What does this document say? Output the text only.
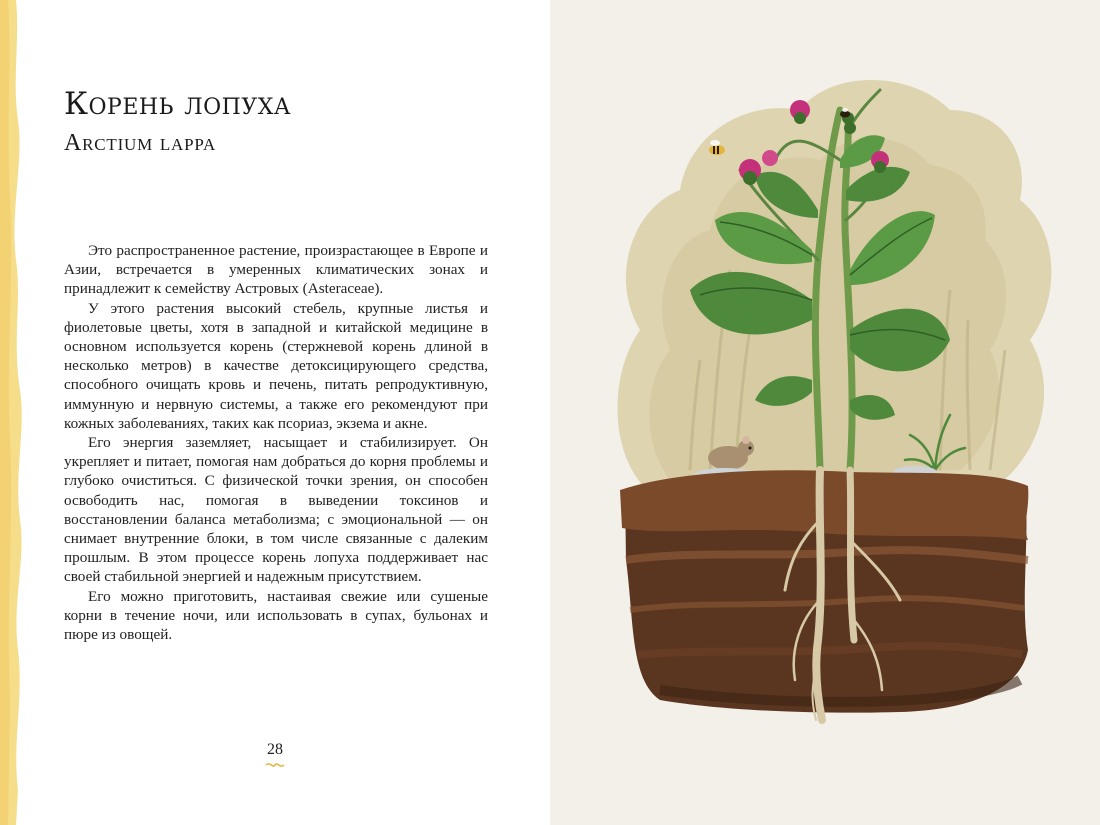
Корень лопуха
Arctium lappa

Это распространенное растение, произрастающее в Европе и Азии, встречается в умеренных климатических зонах и принадлежит к семейству Астровых (Asteraceae).

У этого растения высокий стебель, крупные листья и фиолетовые цветы, хотя в западной и китайской медицине в основном используется корень (стержневой корень длиной в несколько метров) в качестве детоксицирующего средства, способного очищать кровь и печень, питать репродуктивную, иммунную и нервную системы, а также его рекомендуют при кожных заболеваниях, таких как псориаз, экзема и акне.

Его энергия заземляет, насыщает и стабилизирует. Он укрепляет и питает, помогая нам добраться до корня проблемы и глубоко очиститься. С физической точки зрения, он способен освободить нас, помогая в выведении токсинов и восстановлении баланса метаболизма; с эмоциональной — он снимает внутренние блоки, в том числе связанные с далеким прошлым. В этом процессе корень лопуха поддерживает нас своей стабильной энергией и надежным присутствием.

Его можно приготовить, настаивая свежие или сушеные корни в течение ночи, или использовать в супах, бульонах и пюре из овощей.

28
